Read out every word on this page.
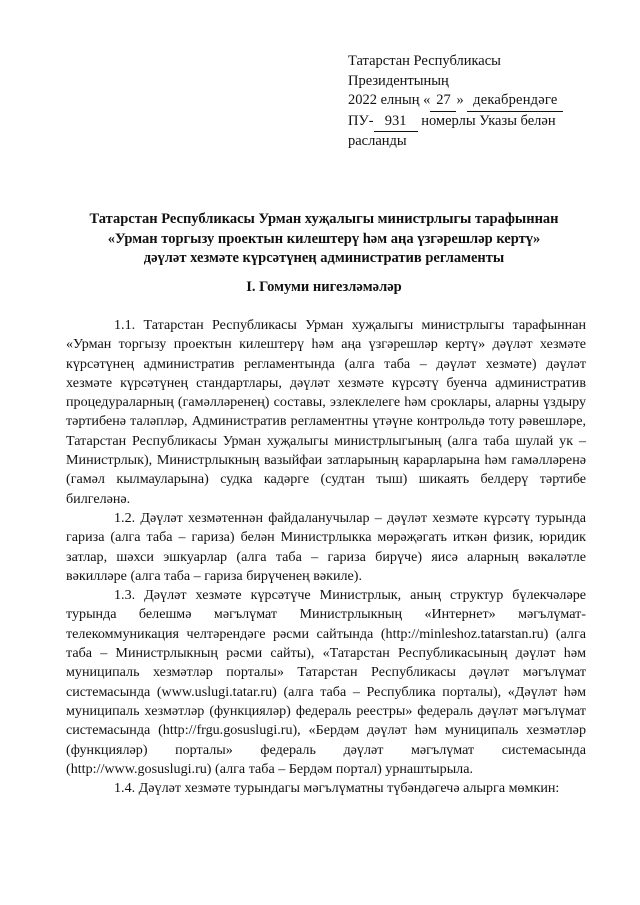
Татарстан Республикасы
Президентының
2022 елның « 27 » декабрендәге
ПУ- 931 номерлы Указы белән
расланды
Татарстан Республикасы Урман хуҗалыгы министрлыгы тарафыннан
«Урман торгызу проектын килештерү һәм аңа үзгәрешләр кертү»
дәүләт хезмәте күрсәтүнең административ регламенты
I. Гомуми нигезләмәләр

1.1. Татарстан Республикасы Урман хуҗалыгы министрлыгы тарафыннан «Урман торгызу проектын килештерү һәм аңа үзгәрешләр кертү» дәүләт хезмәте күрсәтүнең административ регламентында (алга таба – дәүләт хезмәте) дәүләт хезмәте күрсәтүнең стандартлары, дәүләт хезмәте күрсәтү буенча административ процедураларның (гамәлләренең) составы, эзлеклелеге һәм сроклары, аларны үздыру тәртибенә таләпләр, Административ регламентны үтәүне контрольдә тоту рәвешләре, Татарстан Республикасы Урман хуҗалыгы министрлыгының (алга таба шулай ук – Министрлык), Министрлыкның вазыйфаи затларының карарларына һәм гамәлләренә (гамәл кылмауларына) судка кадәрге (судтан тыш) шикаять белдерү тәртибе билгеләнә.

1.2. Дәүләт хезмәтеннән файдаланучылар – дәүләт хезмәте күрсәтү турында гариза (алга таба – гариза) белән Министрлыкка мөрәҗәгать иткән физик, юридик затлар, шәхси эшкуарлар (алга таба – гариза бирүче) яисә аларның вәкаләтле вәкилләре (алга таба – гариза бирүченең вәкиле).

1.3. Дәүләт хезмәте күрсәтүче Министрлык, аның структур бүлекчәләре турында белешмә мәгълүмат Министрлыкның «Интернет» мәгълүмат-телекоммуникация челтәрендәге рәсми сайтында (http://minleshoz.tatarstan.ru) (алга таба – Министрлыкның рәсми сайты), «Татарстан Республикасының дәүләт һәм муниципаль хезмәтләр порталы» Татарстан Республикасы дәүләт мәгълүмат системасында (www.uslugi.tatar.ru) (алга таба – Республика порталы), «Дәүләт һәм муниципаль хезмәтләр (функцияләр) федераль реестры» федераль дәүләт мәгълүмат системасында (http://frgu.gosuslugi.ru), «Бердәм дәүләт һәм муниципаль хезмәтләр (функцияләр) порталы» федераль дәүләт мәгълүмат системасында (http://www.gosuslugi.ru) (алга таба – Бердәм портал) урнаштырыла.

1.4. Дәүләт хезмәте турындагы мәгълүматны түбәндәгечә алырга мөмкин:
